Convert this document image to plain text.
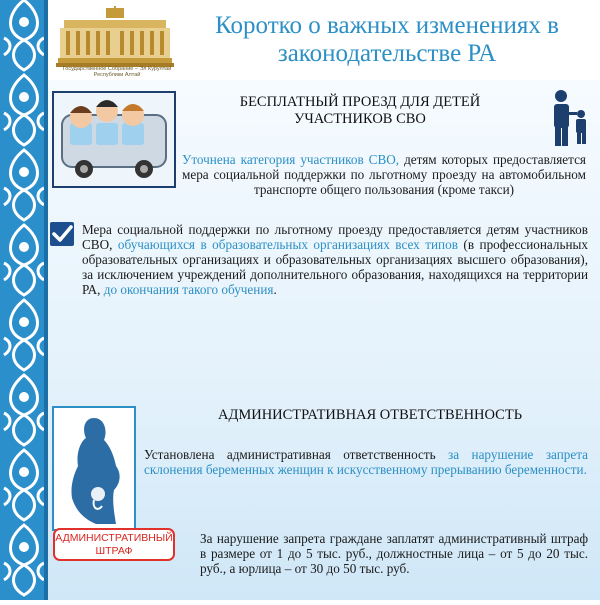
Государственное Собрание – Эл Курултай Республики Алтай
Коротко о важных изменениях в законодательстве РА
БЕСПЛАТНЫЙ ПРОЕЗД ДЛЯ ДЕТЕЙ УЧАСТНИКОВ СВО
Уточнена категория участников СВО, детям которых предоставляется мера социальной поддержки по льготному проезду на автомобильном транспорте общего пользования (кроме такси)
Мера социальной поддержки по льготному проезду предоставляется детям участников СВО, обучающихся в образовательных организациях всех типов (в профессиональных образовательных организациях и образовательных организациях высшего образования), за исключением учреждений дополнительного образования, находящихся на территории РА, до окончания такого обучения.
АДМИНИСТРАТИВНАЯ ОТВЕТСТВЕННОСТЬ
Установлена административная ответственность за нарушение запрета склонения беременных женщин к искусственному прерыванию беременности.
АДМИНИСТРАТИВНЫЙ ШТРАФ
За нарушение запрета граждане заплатят административный штраф в размере от 1 до 5 тыс. руб., должностные лица – от 5 до 20 тыс. руб., а юрлица – от 30 до 50 тыс. руб.
